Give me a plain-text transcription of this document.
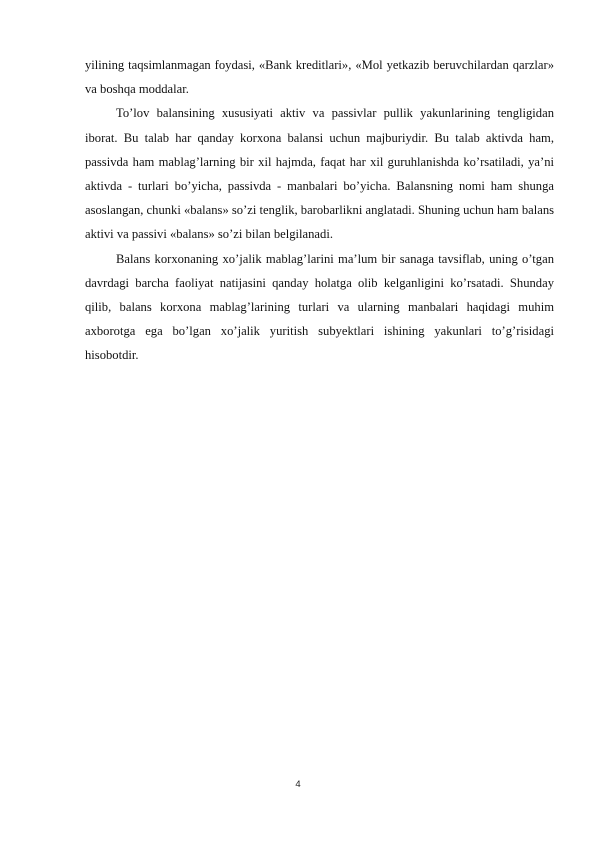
yilining taqsimlanmagan foydasi, «Bank kreditlari», «Mol yetkazib beruvchilardan qarzlar» va boshqa moddalar.

To’lov balansining xususiyati aktiv va passivlar pullik yakunlarining tengligidan iborat. Bu talab har qanday korxona balansi uchun majburiydir. Bu talab aktivda ham, passivda ham mablag’larning bir xil hajmda, faqat har xil guruhlanishda ko’rsatiladi, ya’ni aktivda - turlari bo’yicha, passivda - manbalari bo’yicha. Balansning nomi ham shunga asoslangan, chunki «balans» so’zi tenglik, barobarlikni anglatadi. Shuning uchun ham balans aktivi va passivi «balans» so’zi bilan belgilanadi.

Balans korxonaning xo’jalik mablag’larini ma’lum bir sanaga tavsiflab, uning o’tgan davrdagi barcha faoliyat natijasini qanday holatga olib kelganligini ko’rsatadi. Shunday qilib, balans korxona mablag’larining turlari va ularning manbalari haqidagi muhim axborotga ega bo’lgan xo’jalik yuritish subyektlari ishining yakunlari to’g’risidagi hisobotdir.

4
